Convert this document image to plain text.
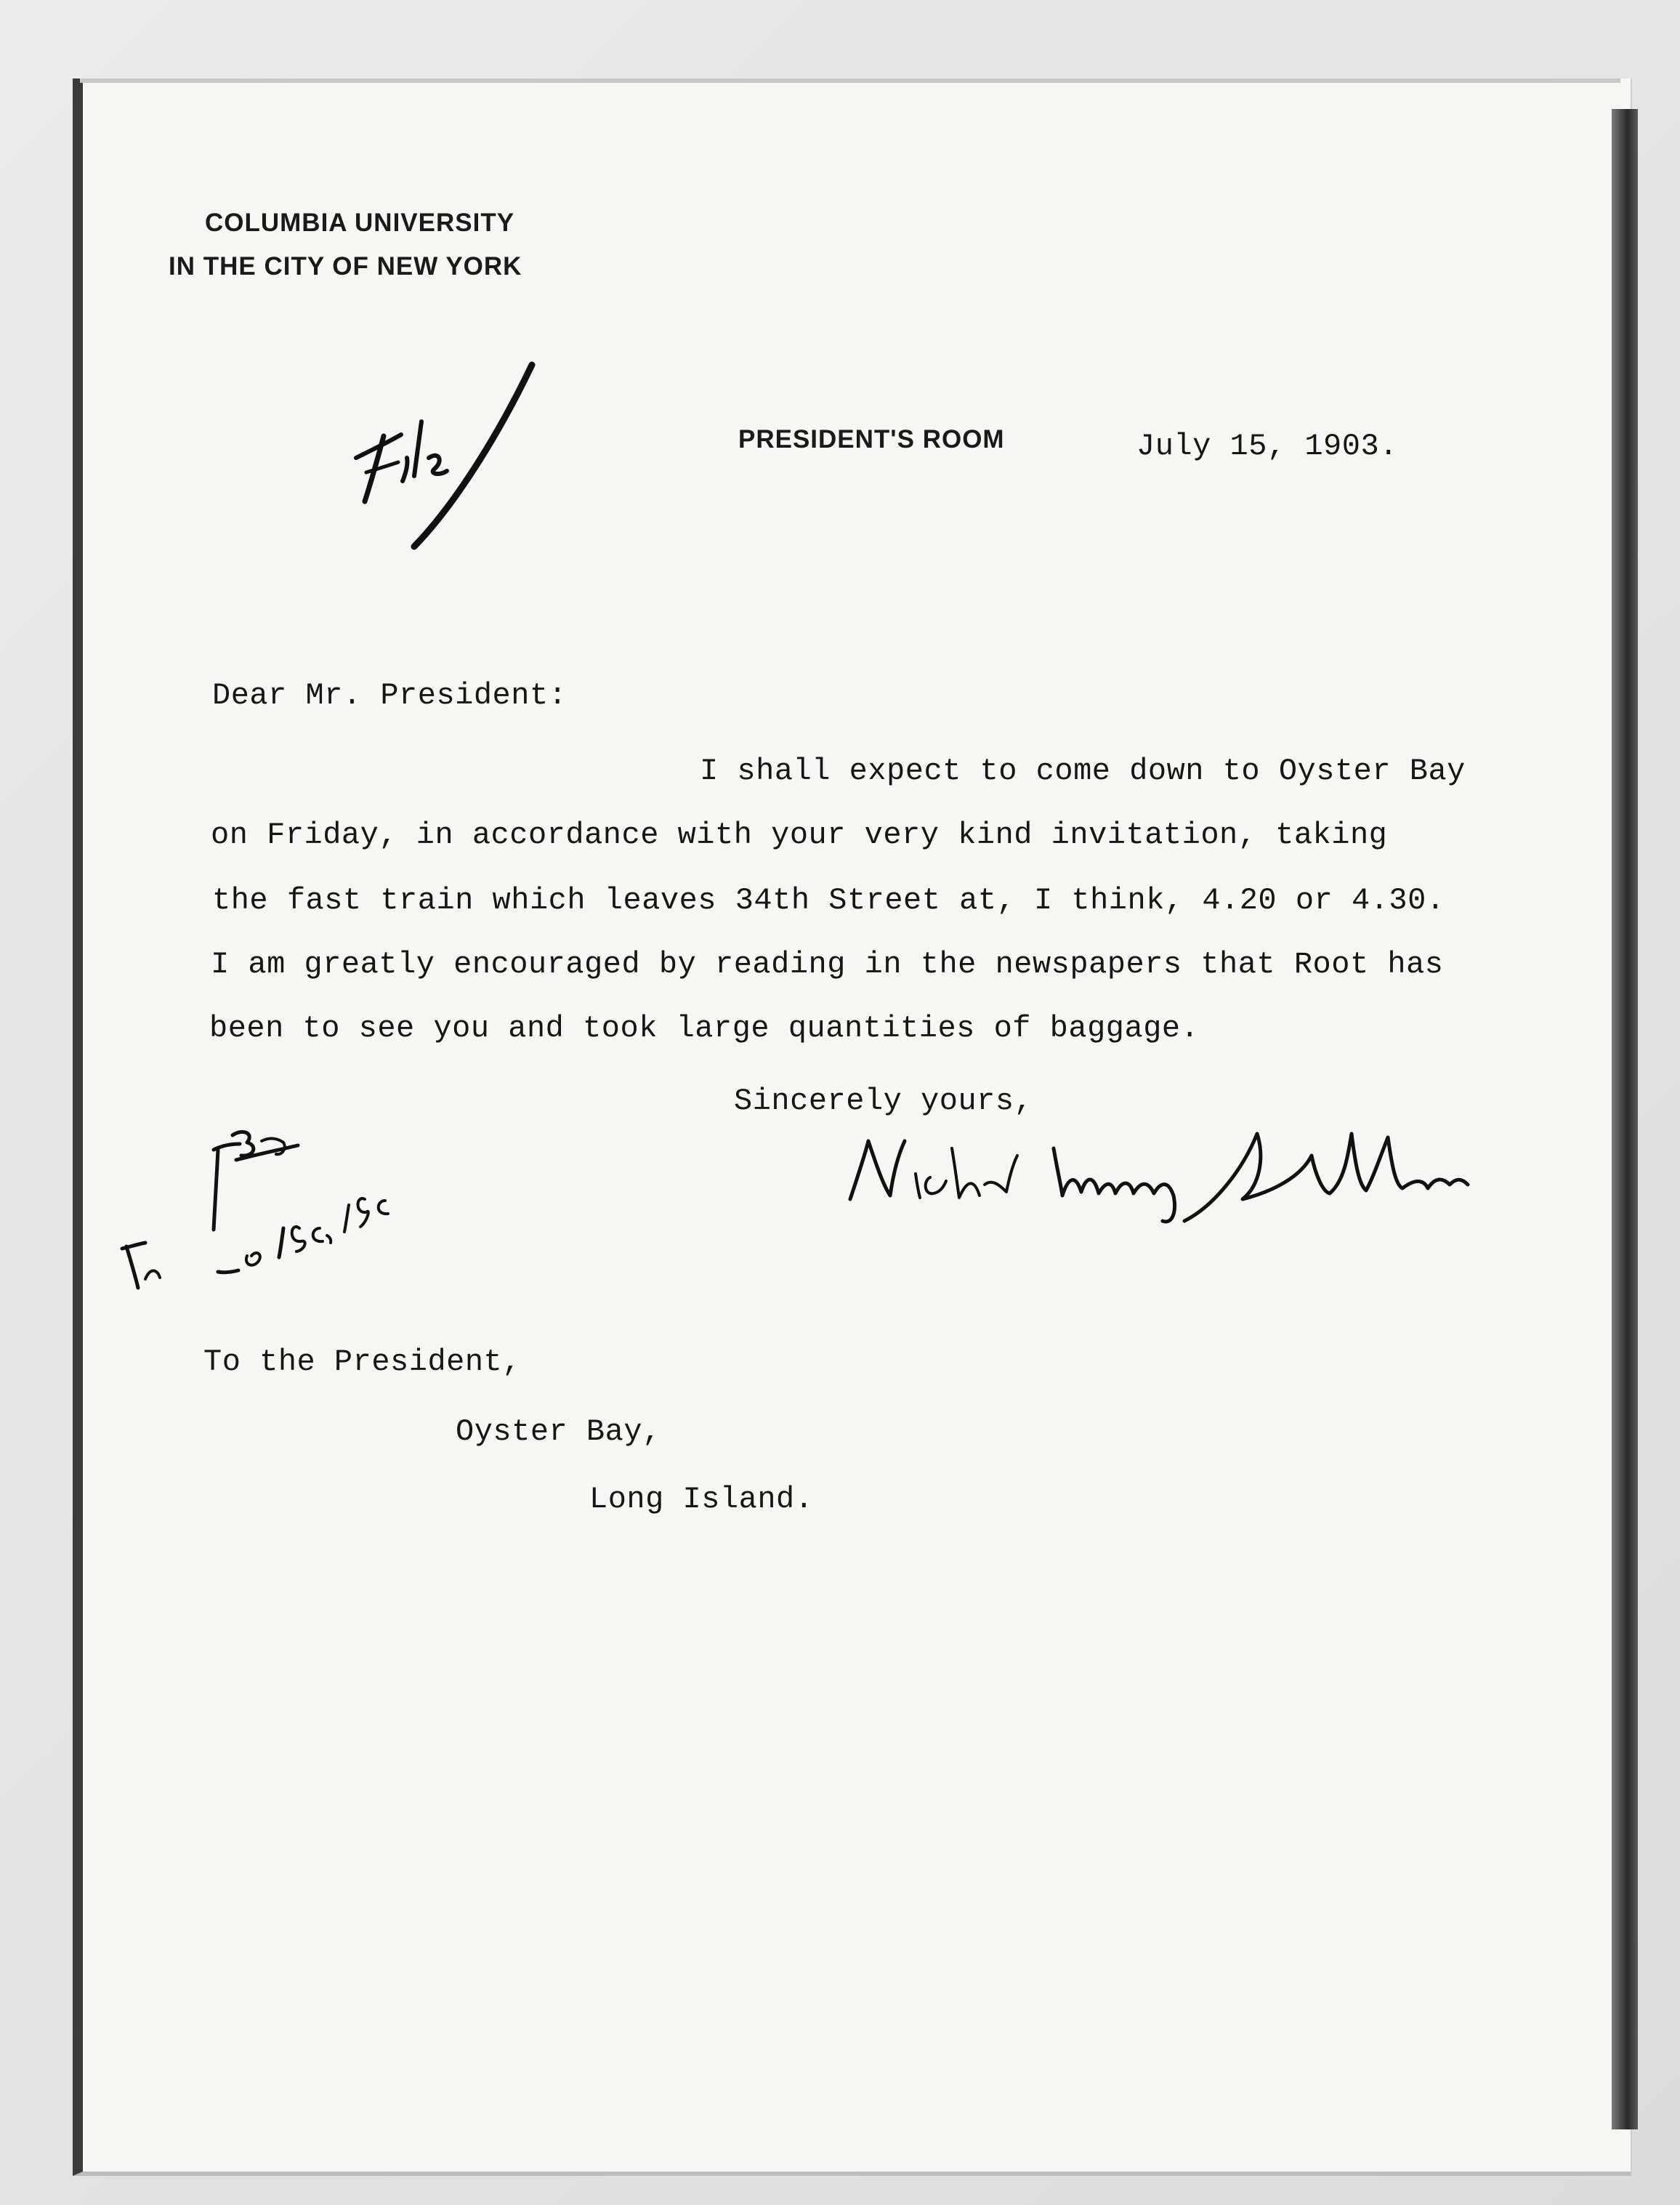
COLUMBIA UNIVERSITY
IN THE CITY OF NEW YORK
PRESIDENT'S ROOM	July 15, 1903.
Dear Mr. President:
I shall expect to come down to Oyster Bay
on Friday, in accordance with your very kind invitation, taking
the fast train which leaves 34th Street at, I think, 4.20 or 4.30.
I am greatly encouraged by reading in the newspapers that Root has
been to see you and took large quantities of baggage.
Sincerely yours,
To the President,
Oyster Bay,
Long Island.
